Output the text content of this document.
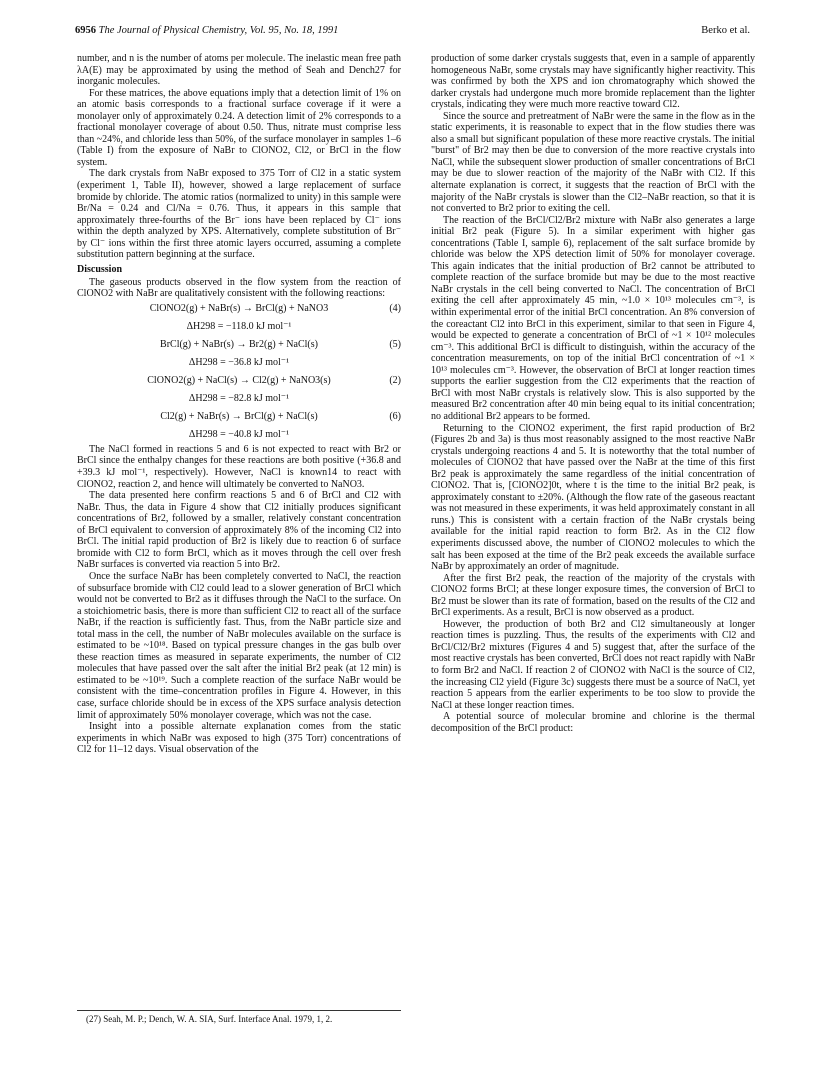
6956 The Journal of Physical Chemistry, Vol. 95, No. 18, 1991	Berko et al.

number, and n is the number of atoms per molecule. The inelastic mean free path λA(E) may be approximated by using the method of Seah and Dench27 for inorganic molecules.

For these matrices, the above equations imply that a detection limit of 1% on an atomic basis corresponds to a fractional surface coverage if it were a monolayer only of approximately 0.24. A detection limit of 2% corresponds to a fractional monolayer coverage of about 0.50. Thus, nitrate must comprise less than ~24%, and chloride less than 50%, of the surface monolayer in samples 1–6 (Table I) from the exposure of NaBr to ClONO2, Cl2, or BrCl in the flow system.

The dark crystals from NaBr exposed to 375 Torr of Cl2 in a static system (experiment 1, Table II), however, showed a large replacement of surface bromide by chloride. The atomic ratios (normalized to unity) in this sample were Br/Na = 0.24 and Cl/Na = 0.76. Thus, it appears in this sample that approximately three-fourths of the Br⁻ ions have been replaced by Cl⁻ ions within the depth analyzed by XPS. Alternatively, complete substitution of Br⁻ by Cl⁻ ions within the first three atomic layers occurred, assuming a complete substitution pattern beginning at the surface.

Discussion

The gaseous products observed in the flow system from the reaction of ClONO2 with NaBr are qualitatively consistent with the following reactions:

ClONO2(g) + NaBr(s) → BrCl(g) + NaNO3	(4)
ΔH298 = −118.0 kJ mol⁻¹
BrCl(g) + NaBr(s) → Br2(g) + NaCl(s)	(5)
ΔH298 = −36.8 kJ mol⁻¹
ClONO2(g) + NaCl(s) → Cl2(g) + NaNO3(s)	(2)
ΔH298 = −82.8 kJ mol⁻¹
Cl2(g) + NaBr(s) → BrCl(g) + NaCl(s)	(6)
ΔH298 = −40.8 kJ mol⁻¹

The NaCl formed in reactions 5 and 6 is not expected to react with Br2 or BrCl since the enthalpy changes for these reactions are both positive (+36.8 and +39.3 kJ mol⁻¹, respectively). However, NaCl is known14 to react with ClONO2, reaction 2, and hence will ultimately be converted to NaNO3.

The data presented here confirm reactions 5 and 6 of BrCl and Cl2 with NaBr. Thus, the data in Figure 4 show that Cl2 initially produces significant concentrations of Br2, followed by a smaller, relatively constant concentration of BrCl equivalent to conversion of approximately 8% of the incoming Cl2 into BrCl. The initial rapid production of Br2 is likely due to reaction 6 of surface bromide with Cl2 to form BrCl, which as it moves through the cell over fresh NaBr surfaces is converted via reaction 5 into Br2.

Once the surface NaBr has been completely converted to NaCl, the reaction of subsurface bromide with Cl2 could lead to a slower generation of BrCl which would not be converted to Br2 as it diffuses through the NaCl to the surface. On a stoichiometric basis, there is more than sufficient Cl2 to react all of the surface NaBr, if the reaction is sufficiently fast. Thus, from the NaBr particle size and total mass in the cell, the number of NaBr molecules available on the surface is estimated to be ~10¹⁸. Based on typical pressure changes in the gas bulb over these reaction times as measured in separate experiments, the number of Cl2 molecules that have passed over the salt after the initial Br2 peak (at 12 min) is estimated to be ~10¹⁹. Such a complete reaction of the surface NaBr would be consistent with the time–concentration profiles in Figure 4. However, in this case, surface chloride should be in excess of the XPS surface analysis detection limit of approximately 50% monolayer coverage, which was not the case.

Insight into a possible alternate explanation comes from the static experiments in which NaBr was exposed to high (375 Torr) concentrations of Cl2 for 11–12 days. Visual observation of the

production of some darker crystals suggests that, even in a sample of apparently homogeneous NaBr, some crystals may have significantly higher reactivity. This was confirmed by both the XPS and ion chromatography which showed the darker crystals had undergone much more bromide replacement than the lighter crystals, indicating they were much more reactive toward Cl2.

Since the source and pretreatment of NaBr were the same in the flow as in the static experiments, it is reasonable to expect that in the flow studies there was also a small but significant population of these more reactive crystals. The initial "burst" of Br2 may then be due to conversion of the more reactive crystals into NaCl, while the subsequent slower production of smaller concentrations of BrCl may be due to slower reaction of the majority of the NaBr with Cl2. If this alternate explanation is correct, it suggests that the reaction of BrCl with the majority of the NaBr crystals is slower than the Cl2–NaBr reaction, so that it is not converted to Br2 prior to exiting the cell.

The reaction of the BrCl/Cl2/Br2 mixture with NaBr also generates a large initial Br2 peak (Figure 5). In a similar experiment with higher gas concentrations (Table I, sample 6), replacement of the salt surface bromide by chloride was below the XPS detection limit of 50% for monolayer coverage. This again indicates that the initial production of Br2 cannot be attributed to complete reaction of the surface bromide but may be due to the most reactive NaBr crystals in the cell being converted to NaCl. The concentration of BrCl exiting the cell after approximately 45 min, ~1.0 × 10¹³ molecules cm⁻³, is within experimental error of the initial BrCl concentration. An 8% conversion of the coreactant Cl2 into BrCl in this experiment, similar to that seen in Figure 4, would be expected to generate a concentration of BrCl of ~1 × 10¹² molecules cm⁻³. This additional BrCl is difficult to distinguish, within the accuracy of the concentration measurements, on top of the initial BrCl concentration of ~1 × 10¹³ molecules cm⁻³. However, the observation of BrCl at longer reaction times supports the earlier suggestion from the Cl2 experiments that the reaction of BrCl with most NaBr crystals is relatively slow. This is also supported by the measured Br2 concentration after 40 min being equal to its initial concentration; no additional Br2 appears to be formed.

Returning to the ClONO2 experiment, the first rapid production of Br2 (Figures 2b and 3a) is thus most reasonably assigned to the most reactive NaBr crystals undergoing reactions 4 and 5. It is noteworthy that the total number of molecules of ClONO2 that have passed over the NaBr at the time of this first Br2 peak is approximately the same regardless of the initial concentration of ClONO2. That is, [ClONO2]0t, where t is the time to the initial Br2 peak, is approximately constant to ±20%. (Although the flow rate of the gaseous reactant was not measured in these experiments, it was held approximately constant in all runs.) This is consistent with a certain fraction of the NaBr crystals being available for the initial rapid reaction to form Br2. As in the Cl2 flow experiments discussed above, the number of ClONO2 molecules to which the salt has been exposed at the time of the Br2 peak exceeds the available surface NaBr by approximately an order of magnitude.

After the first Br2 peak, the reaction of the majority of the crystals with ClONO2 forms BrCl; at these longer exposure times, the conversion of BrCl to Br2 must be slower than its rate of formation, based on the results of the Cl2 and BrCl experiments. As a result, BrCl is now observed as a product.

However, the production of both Br2 and Cl2 simultaneously at longer reaction times is puzzling. Thus, the results of the experiments with Cl2 and BrCl/Cl2/Br2 mixtures (Figures 4 and 5) suggest that, after the surface of the most reactive crystals has been converted, BrCl does not react rapidly with NaBr to form Br2 and NaCl. If reaction 2 of ClONO2 with NaCl is the source of Cl2, the increasing Cl2 yield (Figure 3c) suggests there must be a source of NaCl, yet reaction 5 appears from the earlier experiments to be too slow to provide the NaCl at these longer reaction times.

A potential source of molecular bromine and chlorine is the thermal decomposition of the BrCl product:

(27) Seah, M. P.; Dench, W. A. SIA, Surf. Interface Anal. 1979, 1, 2.
